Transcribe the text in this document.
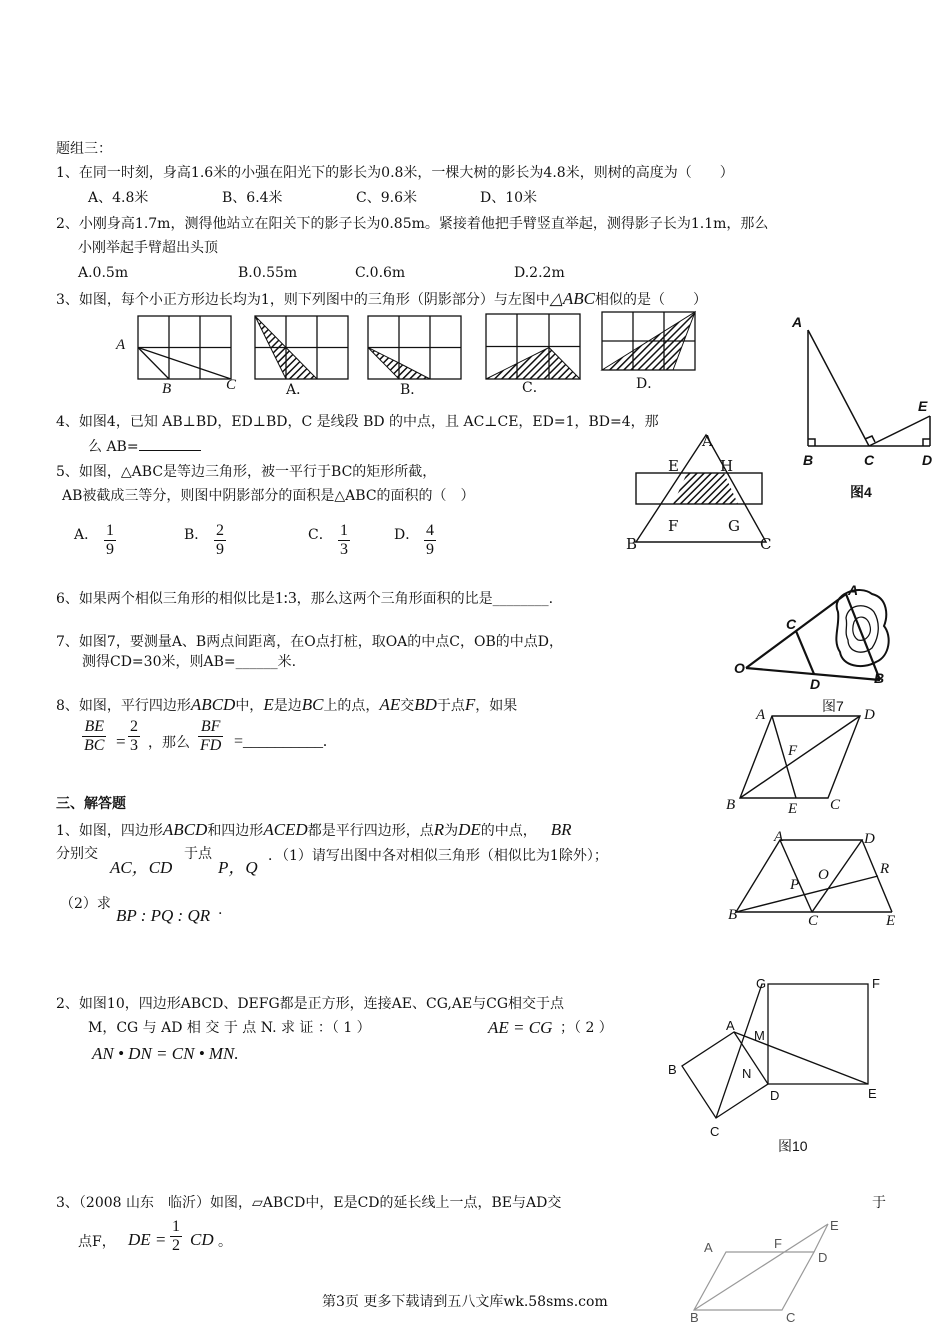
题组三：
1、在同一时刻，身高1.6米的小强在阳光下的影长为0.8米，一棵大树的影长为4.8米，则树的高度为（　　）
A、4.8米	B、6.4米	C、9.6米	D、10米
2、小刚身高1.7m，测得他站立在阳关下的影子长为0.85m。紧接着他把手臂竖直举起，测得影子长为1.1m，那么
小刚举起手臂超出头顶
A.0.5m	B.0.55m	C.0.6m	D.2.2m
3、如图，每个小正方形边长均为1，则下列图中的三角形（阴影部分）与左图中△ABC相似的是（　　）
A
B	C	A．	B．	C．	D．
A
B	C	D
E
图4
4、如图4，已知 AB⊥BD，ED⊥BD，C 是线段 BD 的中点，且 AC⊥CE，ED=1，BD=4，那
么 AB=
5、如图，△ABC是等边三角形，被一平行于BC的矩形所截，
AB被截成三等分，则图中阴影部分的面积是△ABC的面积的（　）
A． $\frac{1}{9}$	B． $\frac{2}{9}$	C． $\frac{1}{3}$	D． $\frac{4}{9}$
A
E	H
F	G
B	C
6、如果两个相似三角形的相似比是1:3，那么这两个三角形面积的比是________.
7、如图7，要测量A、B两点间距离，在O点打桩，取OA的中点C，OB的中点D，
测得CD=30米，则AB=______米.	O
A
B
C
D
图7
8、如图，平行四边形ABCD中，E是边BC上的点，AE交BD于点F，如果
$\frac{BE}{BC} = \frac{2}{3}$ ，那么 $\frac{BF}{FD}$ =__________.
A	D
F
B	E C
三、解答题
1、如图，四边形ABCD和四边形ACED都是平行四边形，点R为DE的中点， BR
分别交
AC，CD
于点
P，Q
．（1）请写出图中各对相似三角形（相似比为1除外）；
（2）求
BP : PQ : QR .
A	D
R
O
P
B	C	E
2、如图10，四边形ABCD、DEFG都是正方形，连接AE、CG,AE与CG相交于点
M，CG 与 AD 相 交 于 点 N. 求 证 ：（ 1 ）	AE = CG ；（ 2 ）
AN • DN = CN • MN.
G	F
A
M
B	N
D	E
C
图10
3、（2008 山东　临沂）如图，▱ABCD中，E是CD的延长线上一点，BE与AD交	于
点F， DE = $\frac{1}{2}$ CD 。
E
A	F
D
B	C
第3页 更多下载请到五八文库wk.58sms.com
